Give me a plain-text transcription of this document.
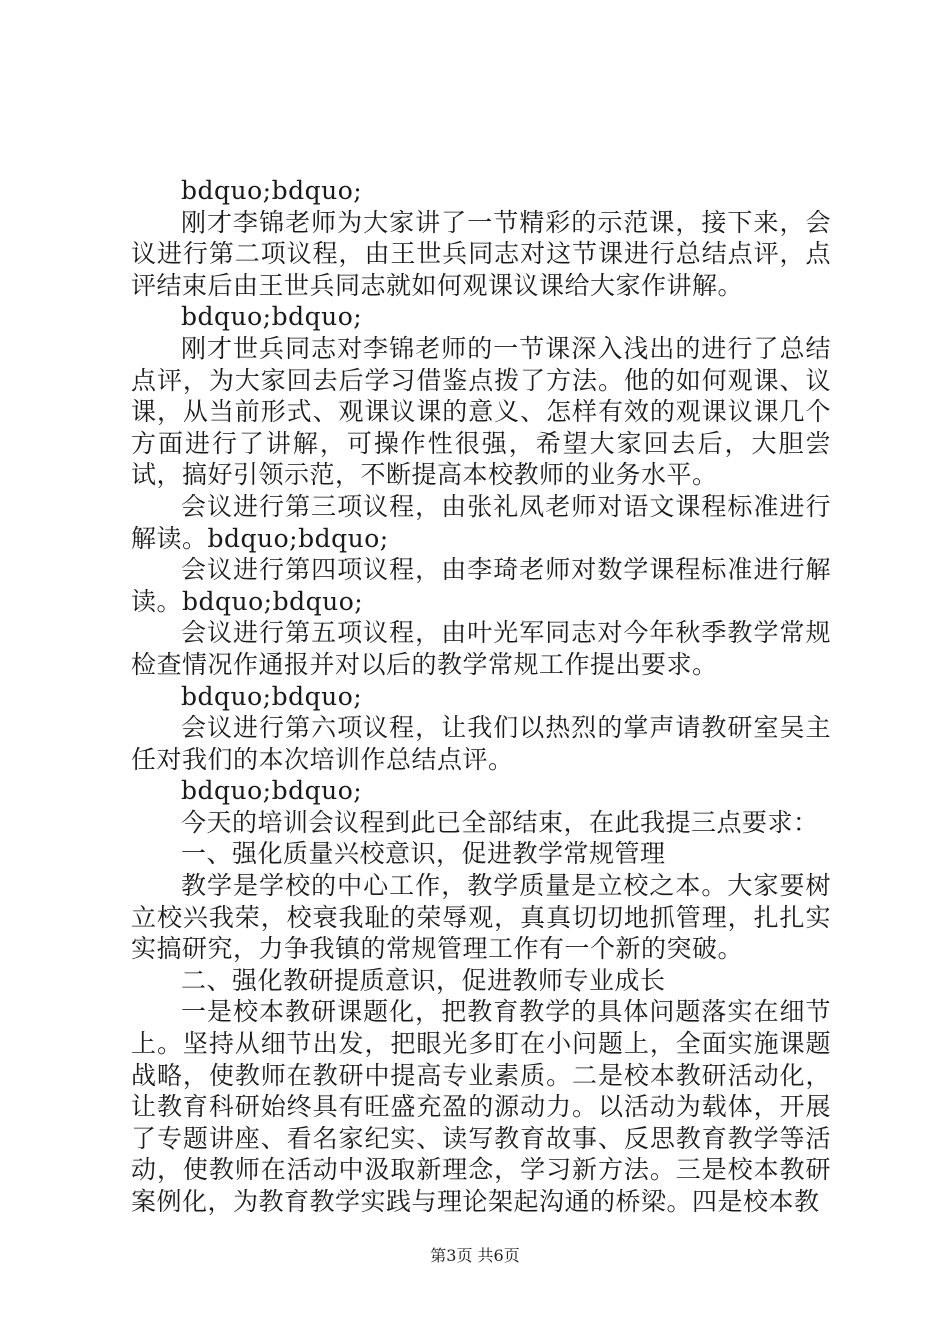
bdquo;bdquo;

刚才李锦老师为大家讲了一节精彩的示范课，接下来，会议进行第二项议程，由王世兵同志对这节课进行总结点评，点评结束后由王世兵同志就如何观课议课给大家作讲解。

bdquo;bdquo;

刚才世兵同志对李锦老师的一节课深入浅出的进行了总结点评，为大家回去后学习借鉴点拨了方法。他的如何观课、议课，从当前形式、观课议课的意义、怎样有效的观课议课几个方面进行了讲解，可操作性很强，希望大家回去后，大胆尝试，搞好引领示范，不断提高本校教师的业务水平。

会议进行第三项议程，由张礼凤老师对语文课程标准进行解读。bdquo;bdquo;

会议进行第四项议程，由李琦老师对数学课程标准进行解读。bdquo;bdquo;

会议进行第五项议程，由叶光军同志对今年秋季教学常规检查情况作通报并对以后的教学常规工作提出要求。

bdquo;bdquo;

会议进行第六项议程，让我们以热烈的掌声请教研室吴主任对我们的本次培训作总结点评。

bdquo;bdquo;

今天的培训会议程到此已全部结束，在此我提三点要求：

一、强化质量兴校意识，促进教学常规管理

教学是学校的中心工作，教学质量是立校之本。大家要树立校兴我荣，校衰我耻的荣辱观，真真切切地抓管理，扎扎实实搞研究，力争我镇的常规管理工作有一个新的突破。

二、强化教研提质意识，促进教师专业成长

一是校本教研课题化，把教育教学的具体问题落实在细节上。坚持从细节出发，把眼光多盯在小问题上，全面实施课题战略，使教师在教研中提高专业素质。二是校本教研活动化，让教育科研始终具有旺盛充盈的源动力。以活动为载体，开展了专题讲座、看名家纪实、读写教育故事、反思教育教学等活动，使教师在活动中汲取新理念，学习新方法。三是校本教研案例化，为教育教学实践与理论架起沟通的桥梁。四是校本教

第3页 共6页
